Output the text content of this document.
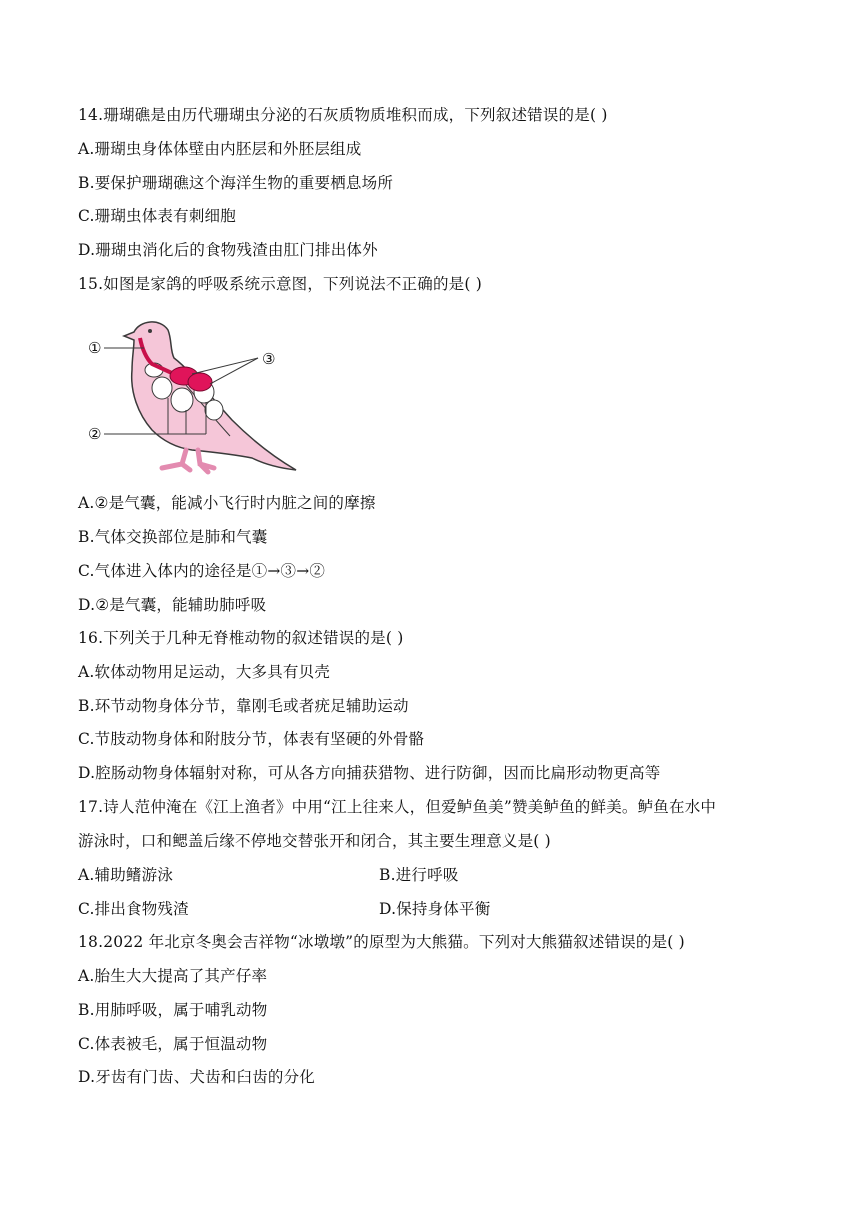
14.珊瑚礁是由历代珊瑚虫分泌的石灰质物质堆积而成，下列叙述错误的是( )
A.珊瑚虫身体体壁由内胚层和外胚层组成
B.要保护珊瑚礁这个海洋生物的重要栖息场所
C.珊瑚虫体表有刺细胞
D.珊瑚虫消化后的食物残渣由肛门排出体外
15.如图是家鸽的呼吸系统示意图，下列说法不正确的是( )
①
③
②
A.②是气囊，能减小飞行时内脏之间的摩擦
B.气体交换部位是肺和气囊
C.气体进入体内的途径是①→③→②
D.②是气囊，能辅助肺呼吸
16.下列关于几种无脊椎动物的叙述错误的是( )
A.软体动物用足运动，大多具有贝壳
B.环节动物身体分节，靠刚毛或者疣足辅助运动
C.节肢动物身体和附肢分节，体表有坚硬的外骨骼
D.腔肠动物身体辐射对称，可从各方向捕获猎物、进行防御，因而比扁形动物更高等
17.诗人范仲淹在《江上渔者》中用“江上往来人，但爱鲈鱼美”赞美鲈鱼的鲜美。鲈鱼在水中
游泳时，口和鳃盖后缘不停地交替张开和闭合，其主要生理意义是( )
A.辅助鳍游泳	B.进行呼吸
C.排出食物残渣	D.保持身体平衡
18.2022 年北京冬奥会吉祥物“冰墩墩”的原型为大熊猫。下列对大熊猫叙述错误的是( )
A.胎生大大提高了其产仔率
B.用肺呼吸，属于哺乳动物
C.体表被毛，属于恒温动物
D.牙齿有门齿、犬齿和臼齿的分化
